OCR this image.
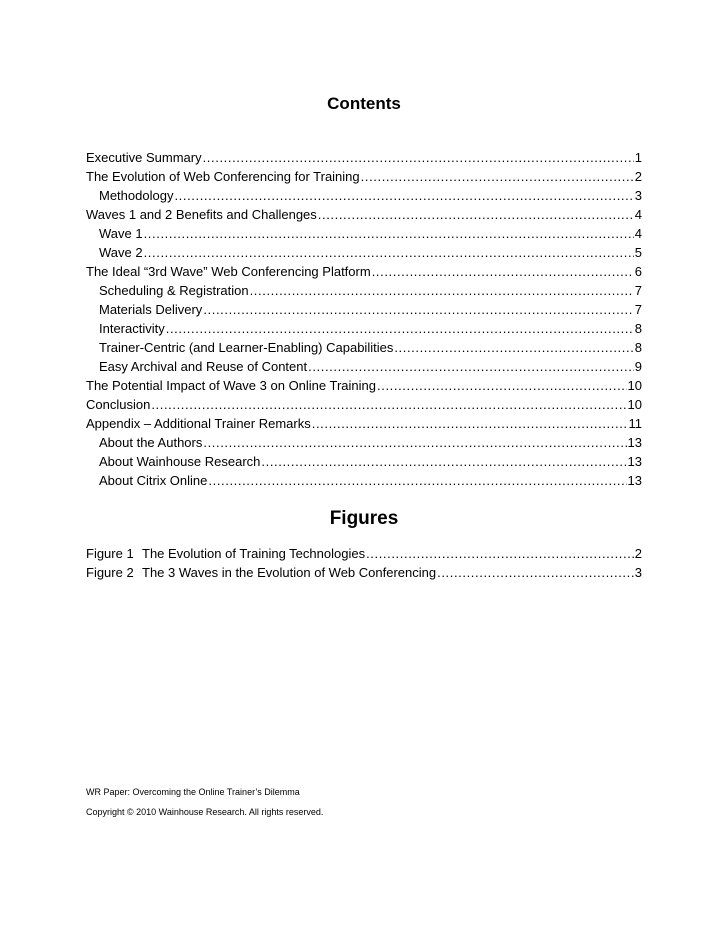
Contents
Executive Summary .....	1
The Evolution of Web Conferencing for Training .....	2
Methodology .....	3
Waves 1 and 2 Benefits and Challenges .....	4
Wave 1 .....	4
Wave 2 .....	5
The Ideal “3rd Wave” Web Conferencing Platform .....	6
Scheduling & Registration .....	7
Materials Delivery .....	7
Interactivity .....	8
Trainer-Centric (and Learner-Enabling) Capabilities .....	8
Easy Archival and Reuse of Content .....	9
The Potential Impact of Wave 3 on Online Training .....	10
Conclusion .....	10
Appendix – Additional Trainer Remarks .....	11
About the Authors .....	13
About Wainhouse Research .....	13
About Citrix Online .....	13
Figures
Figure 1 The Evolution of Training Technologies .....	2
Figure 2 The 3 Waves in the Evolution of Web Conferencing .....	3
WR Paper: Overcoming the Online Trainer’s Dilemma
Copyright © 2010 Wainhouse Research. All rights reserved.
